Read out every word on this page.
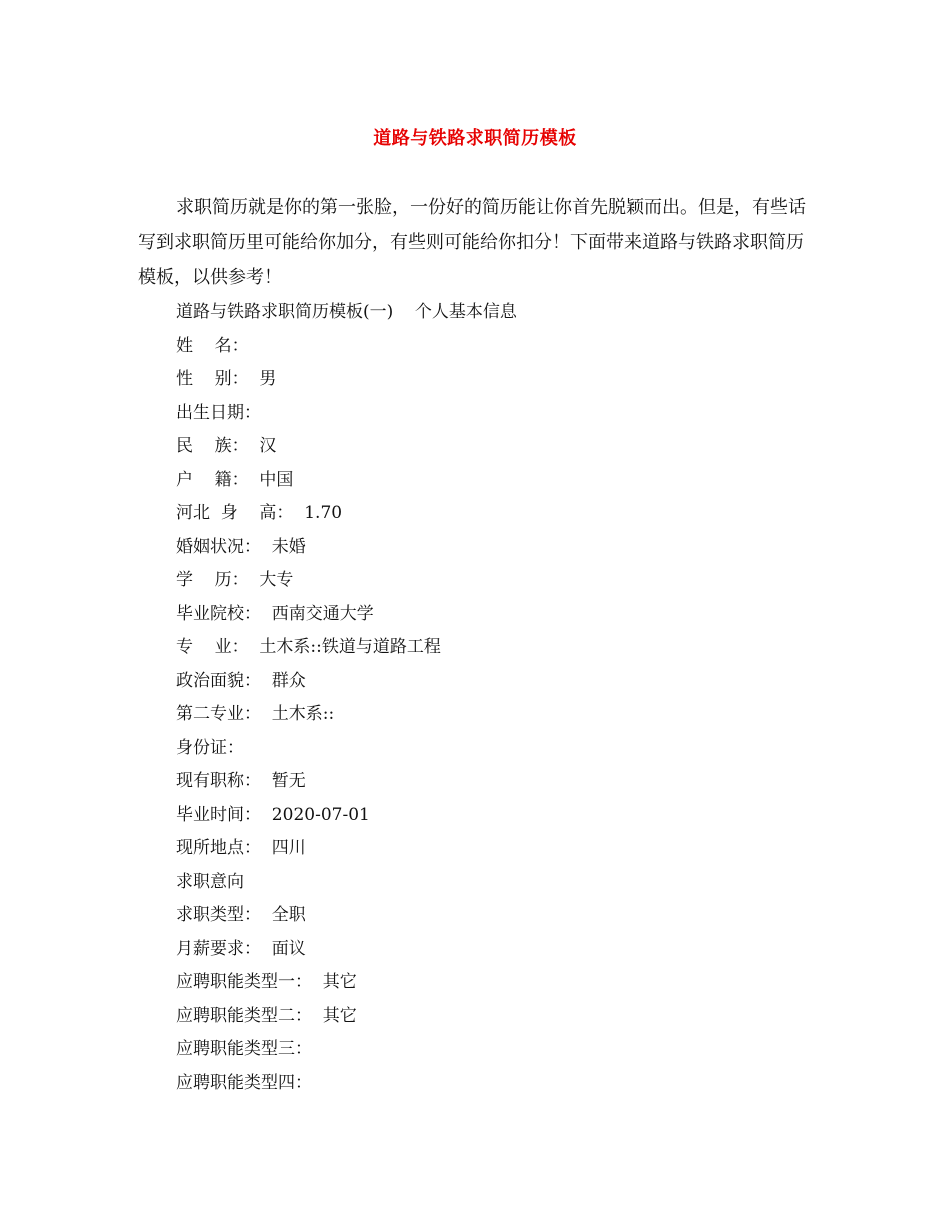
道路与铁路求职简历模板

求职简历就是你的第一张脸，一份好的简历能让你首先脱颖而出。但是，有些话写到求职简历里可能给你加分，有些则可能给你扣分！下面带来道路与铁路求职简历模板，以供参考！

道路与铁路求职简历模板(一)    个人基本信息
姓    名：
性    别：  男
出生日期：
民    族：  汉
户    籍：  中国
河北  身    高：  1.70
婚姻状况：  未婚
学    历：  大专
毕业院校：  西南交通大学
专    业：  土木系::铁道与道路工程
政治面貌：  群众
第二专业：  土木系::
身份证：
现有职称：  暂无
毕业时间：  2020-07-01
现所地点：  四川
求职意向
求职类型：  全职
月薪要求：  面议
应聘职能类型一：  其它
应聘职能类型二：  其它
应聘职能类型三：
应聘职能类型四：
